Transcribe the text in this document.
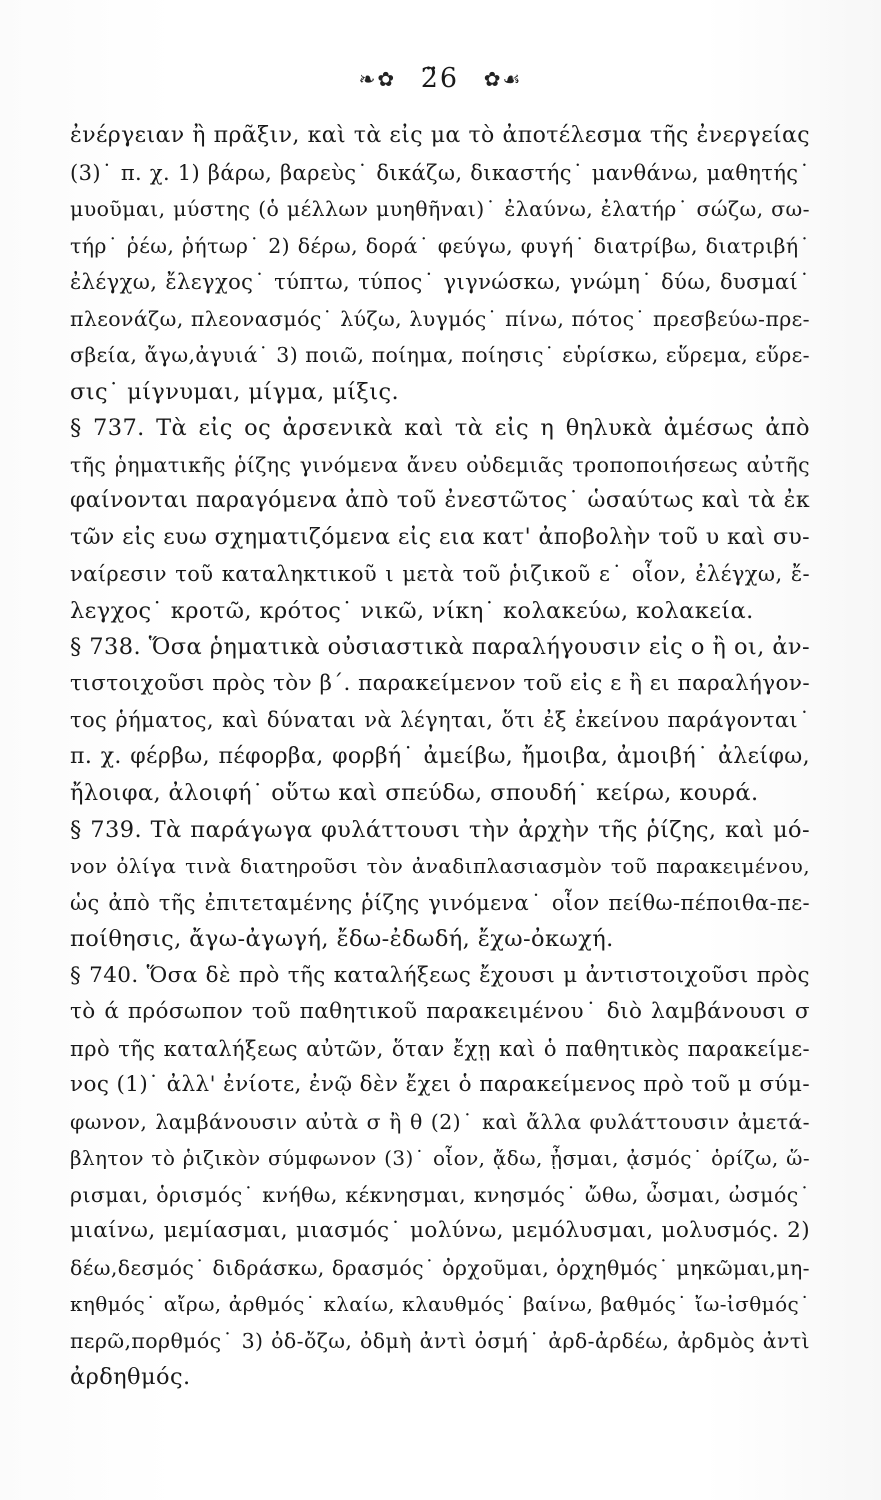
❧✿ 2̈6 ✿☙
ἐνέργειαν ἢ πρᾶξιν, καὶ τὰ εἰς μα τὸ ἀποτέλεσμα τῆς ἐνεργείας
(3)˙ π. χ. 1) βάρω, βαρεὺς˙ δικάζω, δικαστής˙ μανθάνω, μαθητής˙
μυοῦμαι, μύστης (ὁ μέλλων μυηθῆναι)˙ ἐλαύνω, ἐλατήρ˙ σώζω, σω-
τήρ˙ ῥέω, ῥήτωρ˙ 2) δέρω, δορά˙ φεύγω, φυγή˙ διατρίβω, διατριβή˙
ἐλέγχω, ἔλεγχος˙ τύπτω, τύπος˙ γιγνώσκω, γνώμη˙ δύω, δυσμαί˙
πλεονάζω, πλεονασμός˙ λύζω, λυγμός˙ πίνω, πότος˙ πρεσβεύω-πρε-
σβεία, ἄγω,ἀγυιά˙ 3) ποιῶ, ποίημα, ποίησις˙ εὑρίσκω, εὕρεμα, εὕρε-
σις˙ μίγνυμαι, μίγμα, μίξις.
§ 737. Τὰ εἰς ος ἀρσενικὰ καὶ τὰ εἰς η θηλυκὰ ἀμέσως ἀπὸ
τῆς ῥηματικῆς ῥίζης γινόμενα ἄνευ οὐδεμιᾶς τροποποιήσεως αὐτῆς
φαίνονται παραγόμενα ἀπὸ τοῦ ἐνεστῶτος˙ ὡσαύτως καὶ τὰ ἐκ
τῶν εἰς ευω σχηματιζόμενα εἰς εια κατ' ἀποβολὴν τοῦ υ καὶ συ-
ναίρεσιν τοῦ καταληκτικοῦ ι μετὰ τοῦ ῥιζικοῦ ε˙ οἷον, ἐλέγχω, ἔ-
λεγχος˙ κροτῶ, κρότος˙ νικῶ, νίκη˙ κολακεύω, κολακεία.
§ 738. Ὅσα ῥηματικὰ οὐσιαστικὰ παραλήγουσιν εἰς ο ἢ οι, ἀν-
τιστοιχοῦσι πρὸς τὸν β΄. παρακείμενον τοῦ εἰς ε ἢ ει παραλήγον-
τος ῥήματος, καὶ δύναται νὰ λέγηται, ὅτι ἐξ ἐκείνου παράγονται˙
π. χ. φέρβω, πέφορβα, φορβή˙ ἀμείβω, ἤμοιβα, ἀμοιβή˙ ἀλείφω,
ἤλοιφα, ἀλοιφή˙ οὕτω καὶ σπεύδω, σπουδή˙ κείρω, κουρά.
§ 739. Τὰ παράγωγα φυλάττουσι τὴν ἀρχὴν τῆς ῥίζης, καὶ μό-
νον ὀλίγα τινὰ διατηροῦσι τὸν ἀναδιπλασιασμὸν τοῦ παρακειμένου,
ὡς ἀπὸ τῆς ἐπιτεταμένης ῥίζης γινόμενα˙ οἷον πείθω-πέποιθα-πε-
ποίθησις, ἄγω-ἀγωγή, ἔδω-ἐδωδή, ἔχω-ὀκωχή.
§ 740. Ὅσα δὲ πρὸ τῆς καταλήξεως ἔχουσι μ ἀντιστοιχοῦσι πρὸς
τὸ ά πρόσωπον τοῦ παθητικοῦ παρακειμένου˙ διὸ λαμβάνουσι σ
πρὸ τῆς καταλήξεως αὐτῶν, ὅταν ἔχῃ καὶ ὁ παθητικὸς παρακείμε-
νος (1)˙ ἀλλ' ἐνίοτε, ἐνῷ δὲν ἔχει ὁ παρακείμενος πρὸ τοῦ μ σύμ-
φωνον, λαμβάνουσιν αὐτὰ σ ἢ θ (2)˙ καὶ ἄλλα φυλάττουσιν ἀμετά-
βλητον τὸ ῥιζικὸν σύμφωνον (3)˙ οἷον, ᾄδω, ᾖσμαι, ᾀσμός˙ ὁρίζω, ὥ-
ρισμαι, ὁρισμός˙ κνήθω, κέκνησμαι, κνησμός˙ ὤθω, ὦσμαι, ὠσμός˙
μιαίνω, μεμίασμαι, μιασμός˙ μολύνω, μεμόλυσμαι, μολυσμός. 2)
δέω,δεσμός˙ διδράσκω, δρασμός˙ ὀρχοῦμαι, ὀρχηθμός˙ μηκῶμαι,μη-
κηθμός˙ αἴρω, ἀρθμός˙ κλαίω, κλαυθμός˙ βαίνω, βαθμός˙ ἴω-ἰσθμός˙
περῶ,πορθμός˙ 3) ὀδ-ὄζω, ὀδμὴ ἀντὶ ὀσμή˙ ἀρδ-ἀρδέω, ἀρδμὸς ἀντὶ
ἀρδηθμός.
